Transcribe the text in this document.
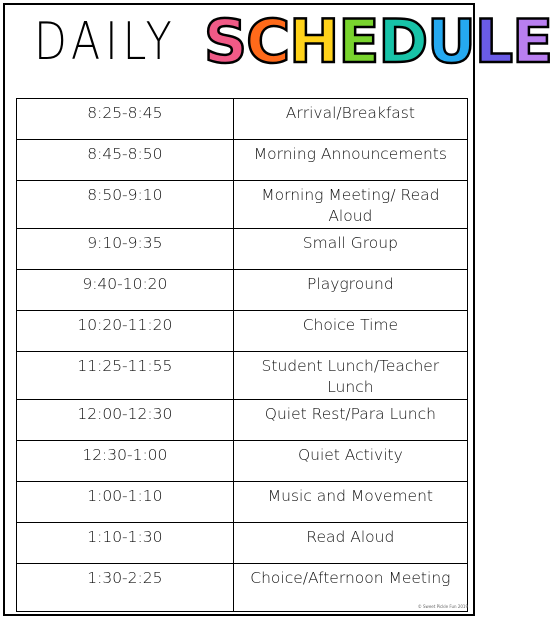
DAILY S C H E D U L E
8:25-8:45	Arrival/Breakfast
8:45-8:50	Morning Announcements
8:50-9:10	Morning Meeting/ Read Aloud
9:10-9:35	Small Group
9:40-10:20	Playground
10:20-11:20	Choice Time
11:25-11:55	Student Lunch/Teacher Lunch
12:00-12:30	Quiet Rest/Para Lunch
12:30-1:00	Quiet Activity
1:00-1:10	Music and Movement
1:10-1:30	Read Aloud
1:30-2:25	Choice/Afternoon Meeting
© Sweet Pickle Fun 2019
